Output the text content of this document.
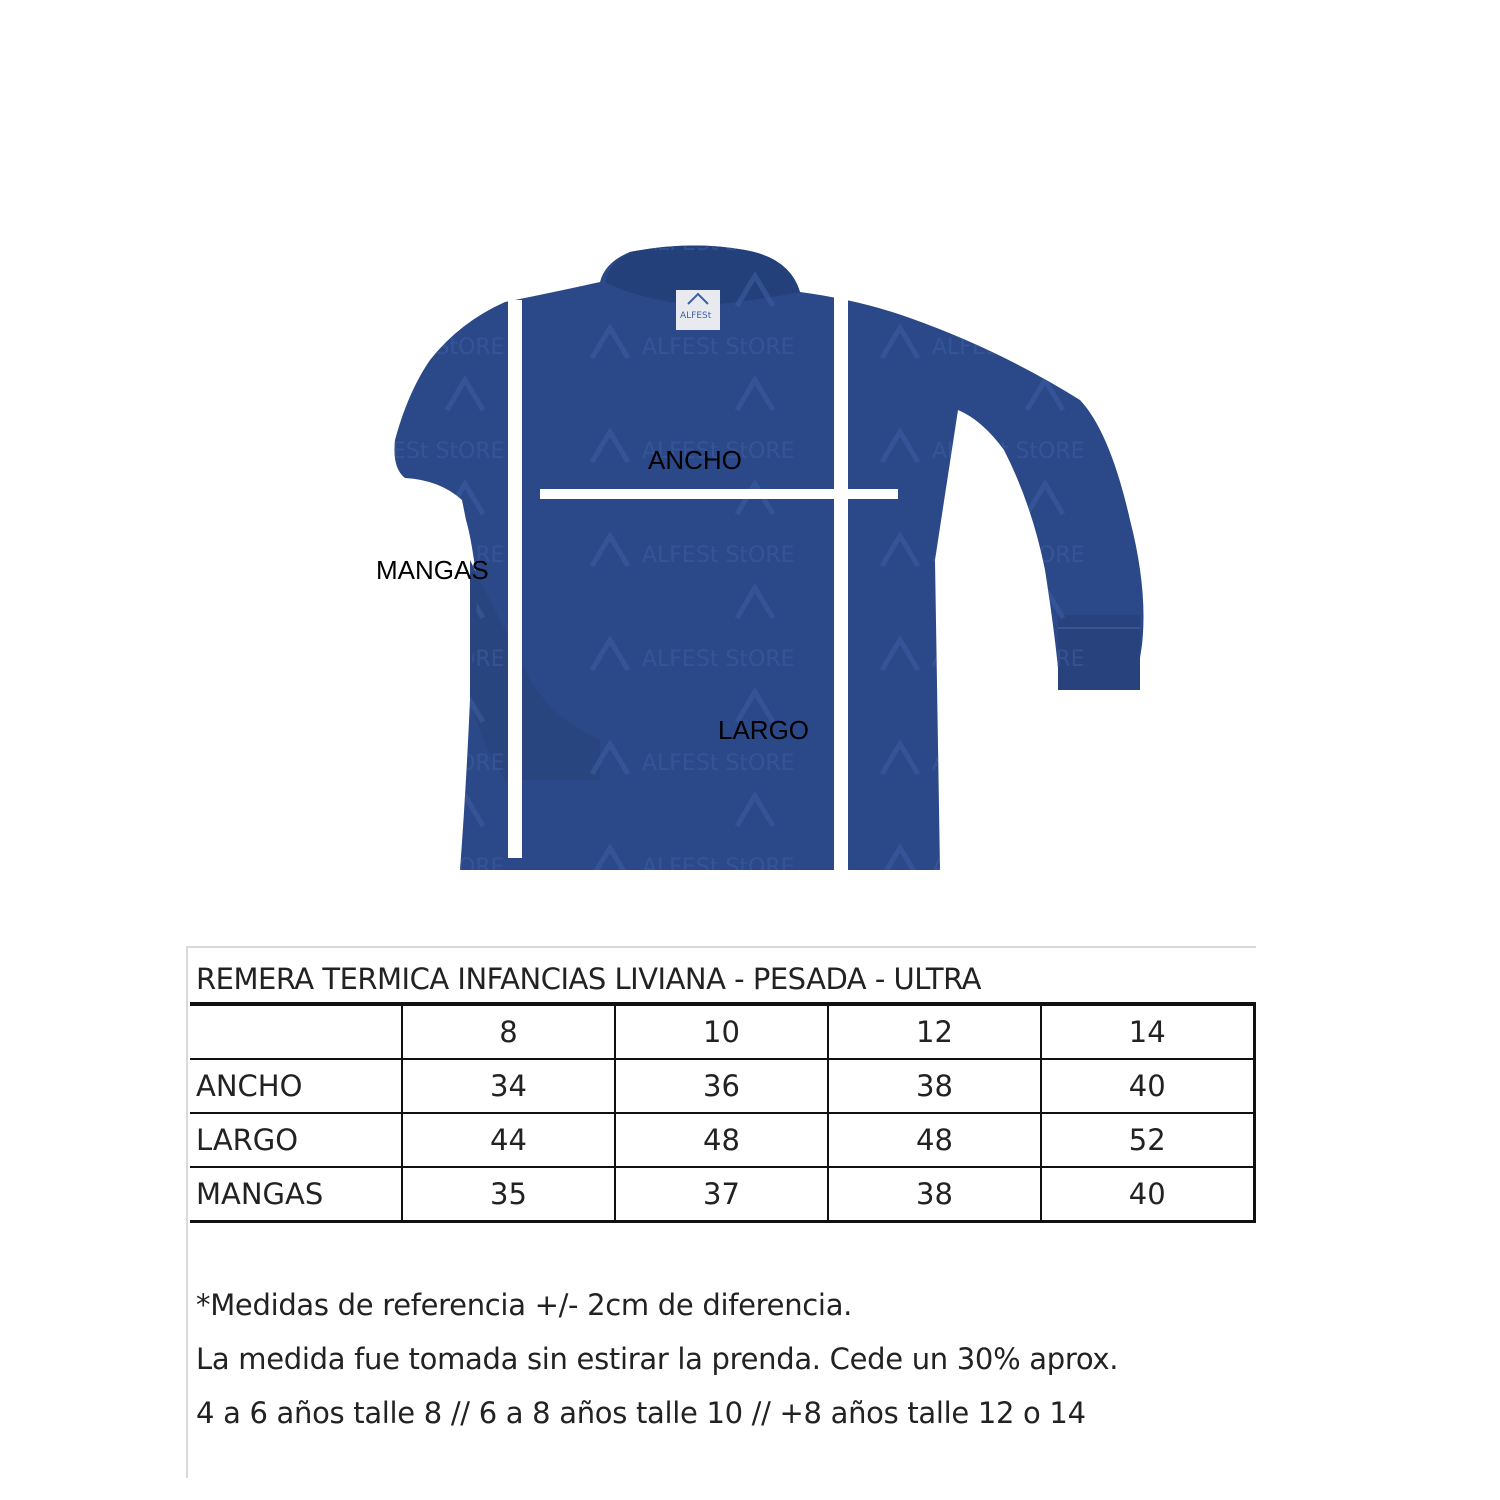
ANCHO
MANGAS
LARGO
REMERA TERMICA INFANCIAS LIVIANA - PESADA - ULTRA
	8	10	12	14
ANCHO	34	36	38	40
LARGO	44	48	48	52
MANGAS	35	37	38	40
*Medidas de referencia +/- 2cm de diferencia.
La medida fue tomada sin estirar la prenda. Cede un 30% aprox.
4 a 6 años talle 8 // 6 a 8 años talle 10 // +8 años talle 12 o 14
